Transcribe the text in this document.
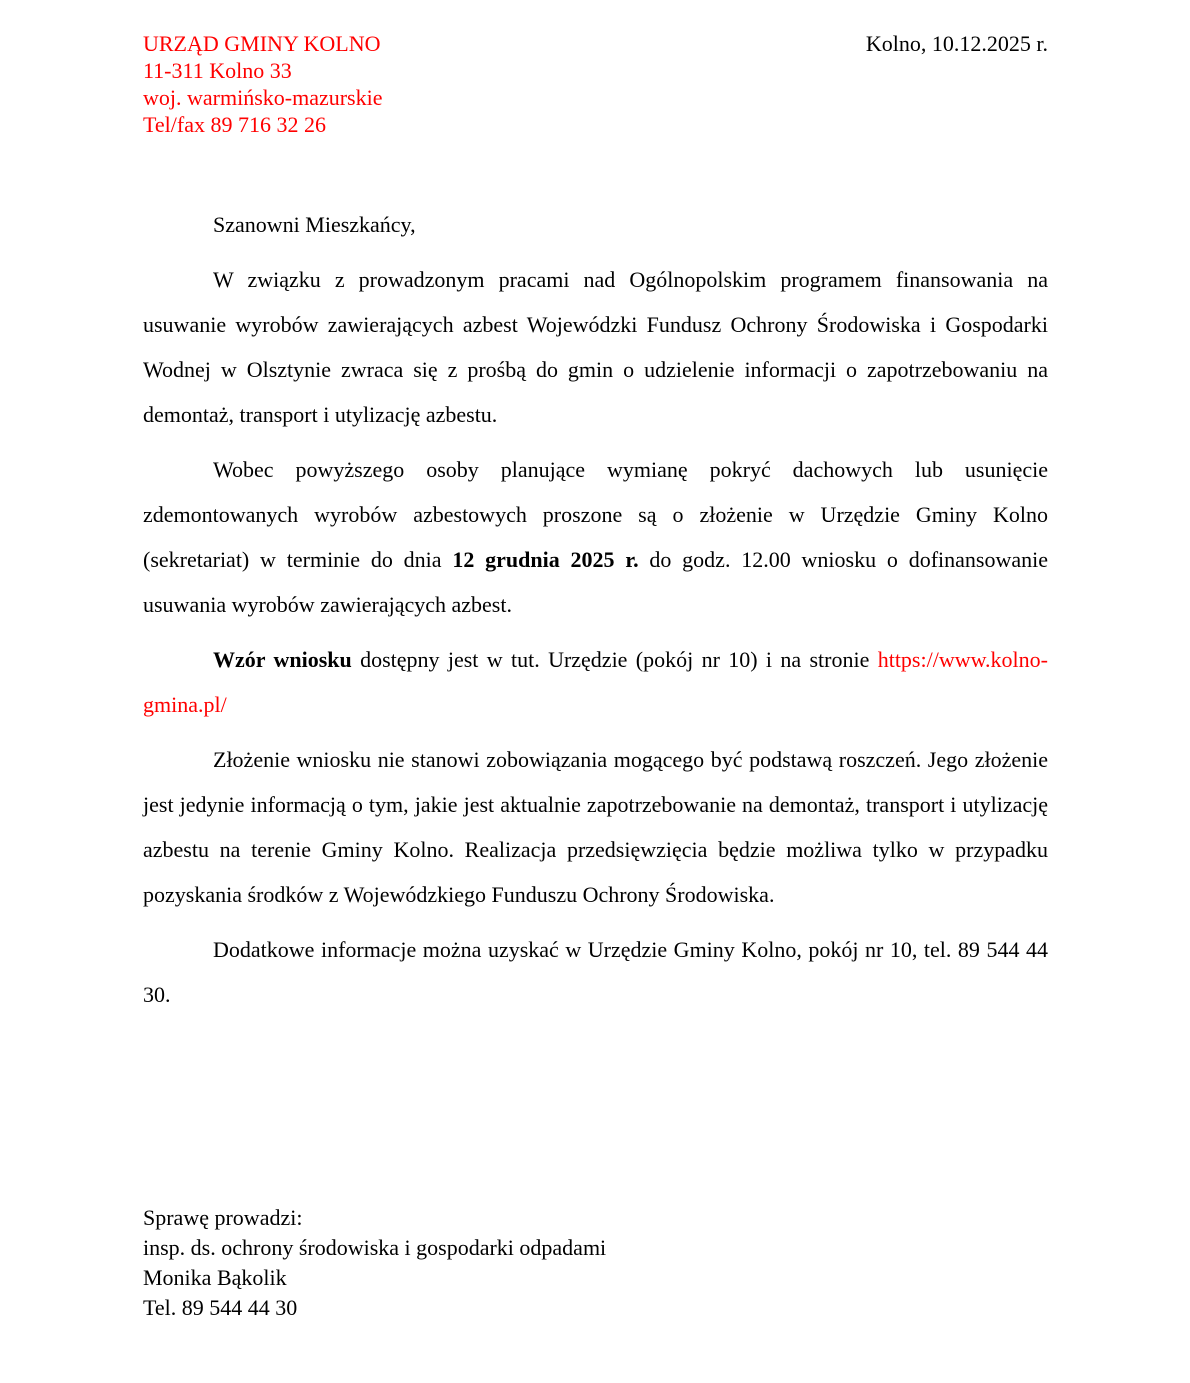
URZĄD GMINY KOLNO
11-311 Kolno 33
woj. warmińsko-mazurskie
Tel/fax 89 716 32 26
Kolno, 10.12.2025 r.

Szanowni Mieszkańcy,

W związku z prowadzonym pracami nad Ogólnopolskim programem finansowania na usuwanie wyrobów zawierających azbest Wojewódzki Fundusz Ochrony Środowiska i Gospodarki Wodnej w Olsztynie zwraca się z prośbą do gmin o udzielenie informacji o zapotrzebowaniu na demontaż, transport i utylizację azbestu.

Wobec powyższego osoby planujące wymianę pokryć dachowych lub usunięcie zdemontowanych wyrobów azbestowych proszone są o złożenie w Urzędzie Gminy Kolno (sekretariat) w terminie do dnia 12 grudnia 2025 r. do godz. 12.00 wniosku o dofinansowanie usuwania wyrobów zawierających azbest.

Wzór wniosku dostępny jest w tut. Urzędzie (pokój nr 10) i na stronie https://www.kolno-gmina.pl/

Złożenie wniosku nie stanowi zobowiązania mogącego być podstawą roszczeń. Jego złożenie jest jedynie informacją o tym, jakie jest aktualnie zapotrzebowanie na demontaż, transport i utylizację azbestu na terenie Gminy Kolno. Realizacja przedsięwzięcia będzie możliwa tylko w przypadku pozyskania środków z Wojewódzkiego Funduszu Ochrony Środowiska.

Dodatkowe informacje można uzyskać w Urzędzie Gminy Kolno, pokój nr 10, tel. 89 544 44 30.

Sprawę prowadzi:
insp. ds. ochrony środowiska i gospodarki odpadami
Monika Bąkolik
Tel. 89 544 44 30
